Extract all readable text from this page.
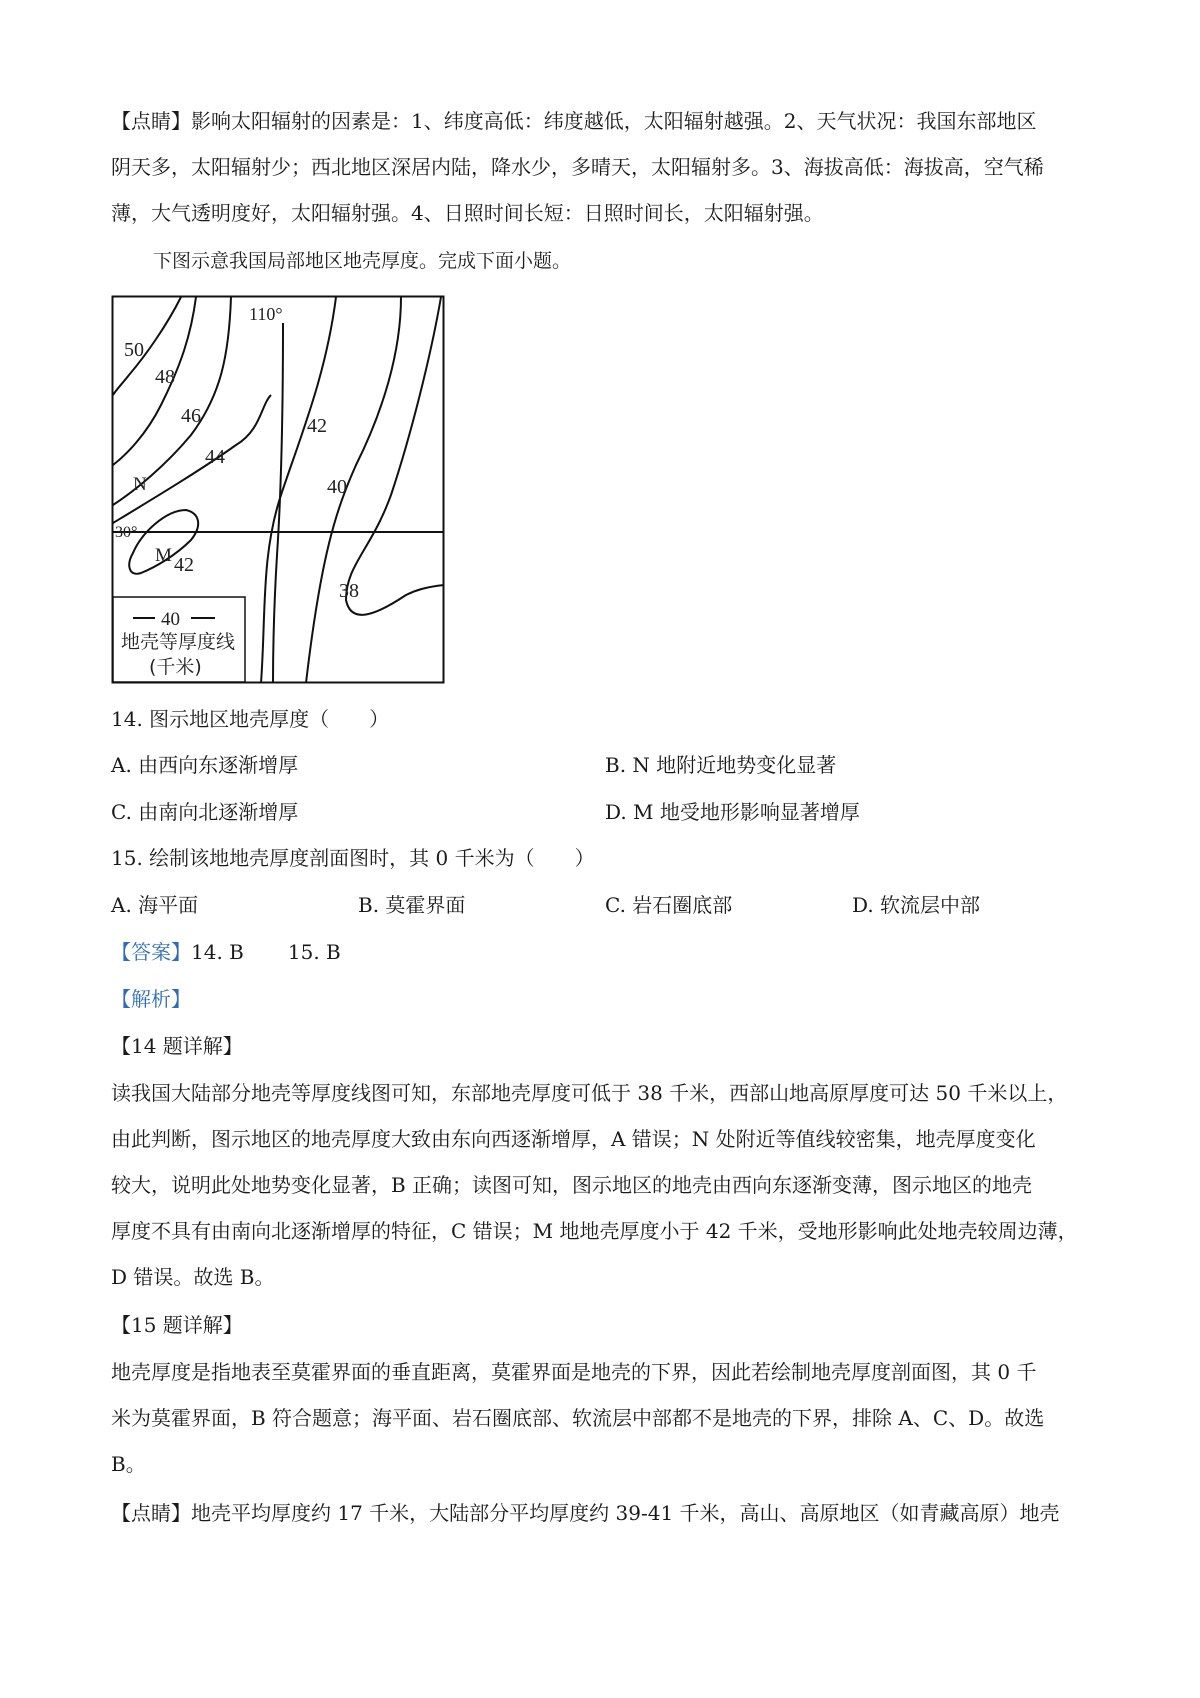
【点睛】影响太阳辐射的因素是：1、纬度高低：纬度越低，太阳辐射越强。2、天气状况：我国东部地区
阴天多，太阳辐射少；西北地区深居内陆，降水少，多晴天，太阳辐射多。3、海拔高低：海拔高，空气稀
薄，大气透明度好，太阳辐射强。4、日照时间长短：日照时间长，太阳辐射强。
下图示意我国局部地区地壳厚度。完成下面小题。
50
48
46
44
42
40
42
38
110°
30°
N
M
40
地壳等厚度线
(千米)
14. 图示地区地壳厚度（　　）
A. 由西向东逐渐增厚	B. N 地附近地势变化显著
C. 由南向北逐渐增厚	D. M 地受地形影响显著增厚
15. 绘制该地地壳厚度剖面图时，其 0 千米为（　　）
A. 海平面	B. 莫霍界面	C. 岩石圈底部	D. 软流层中部
【答案】14. B 15. B
【解析】
【14 题详解】
读我国大陆部分地壳等厚度线图可知，东部地壳厚度可低于 38 千米，西部山地高原厚度可达 50 千米以上，
由此判断，图示地区的地壳厚度大致由东向西逐渐增厚，A 错误；N 处附近等值线较密集，地壳厚度变化
较大，说明此处地势变化显著，B 正确；读图可知，图示地区的地壳由西向东逐渐变薄，图示地区的地壳
厚度不具有由南向北逐渐增厚的特征，C 错误；M 地地壳厚度小于 42 千米，受地形影响此处地壳较周边薄，
D 错误。故选 B。
【15 题详解】
地壳厚度是指地表至莫霍界面的垂直距离，莫霍界面是地壳的下界，因此若绘制地壳厚度剖面图，其 0 千
米为莫霍界面，B 符合题意；海平面、岩石圈底部、软流层中部都不是地壳的下界，排除 A、C、D。故选
B。
【点睛】地壳平均厚度约 17 千米，大陆部分平均厚度约 39-41 千米，高山、高原地区（如青藏高原）地壳
